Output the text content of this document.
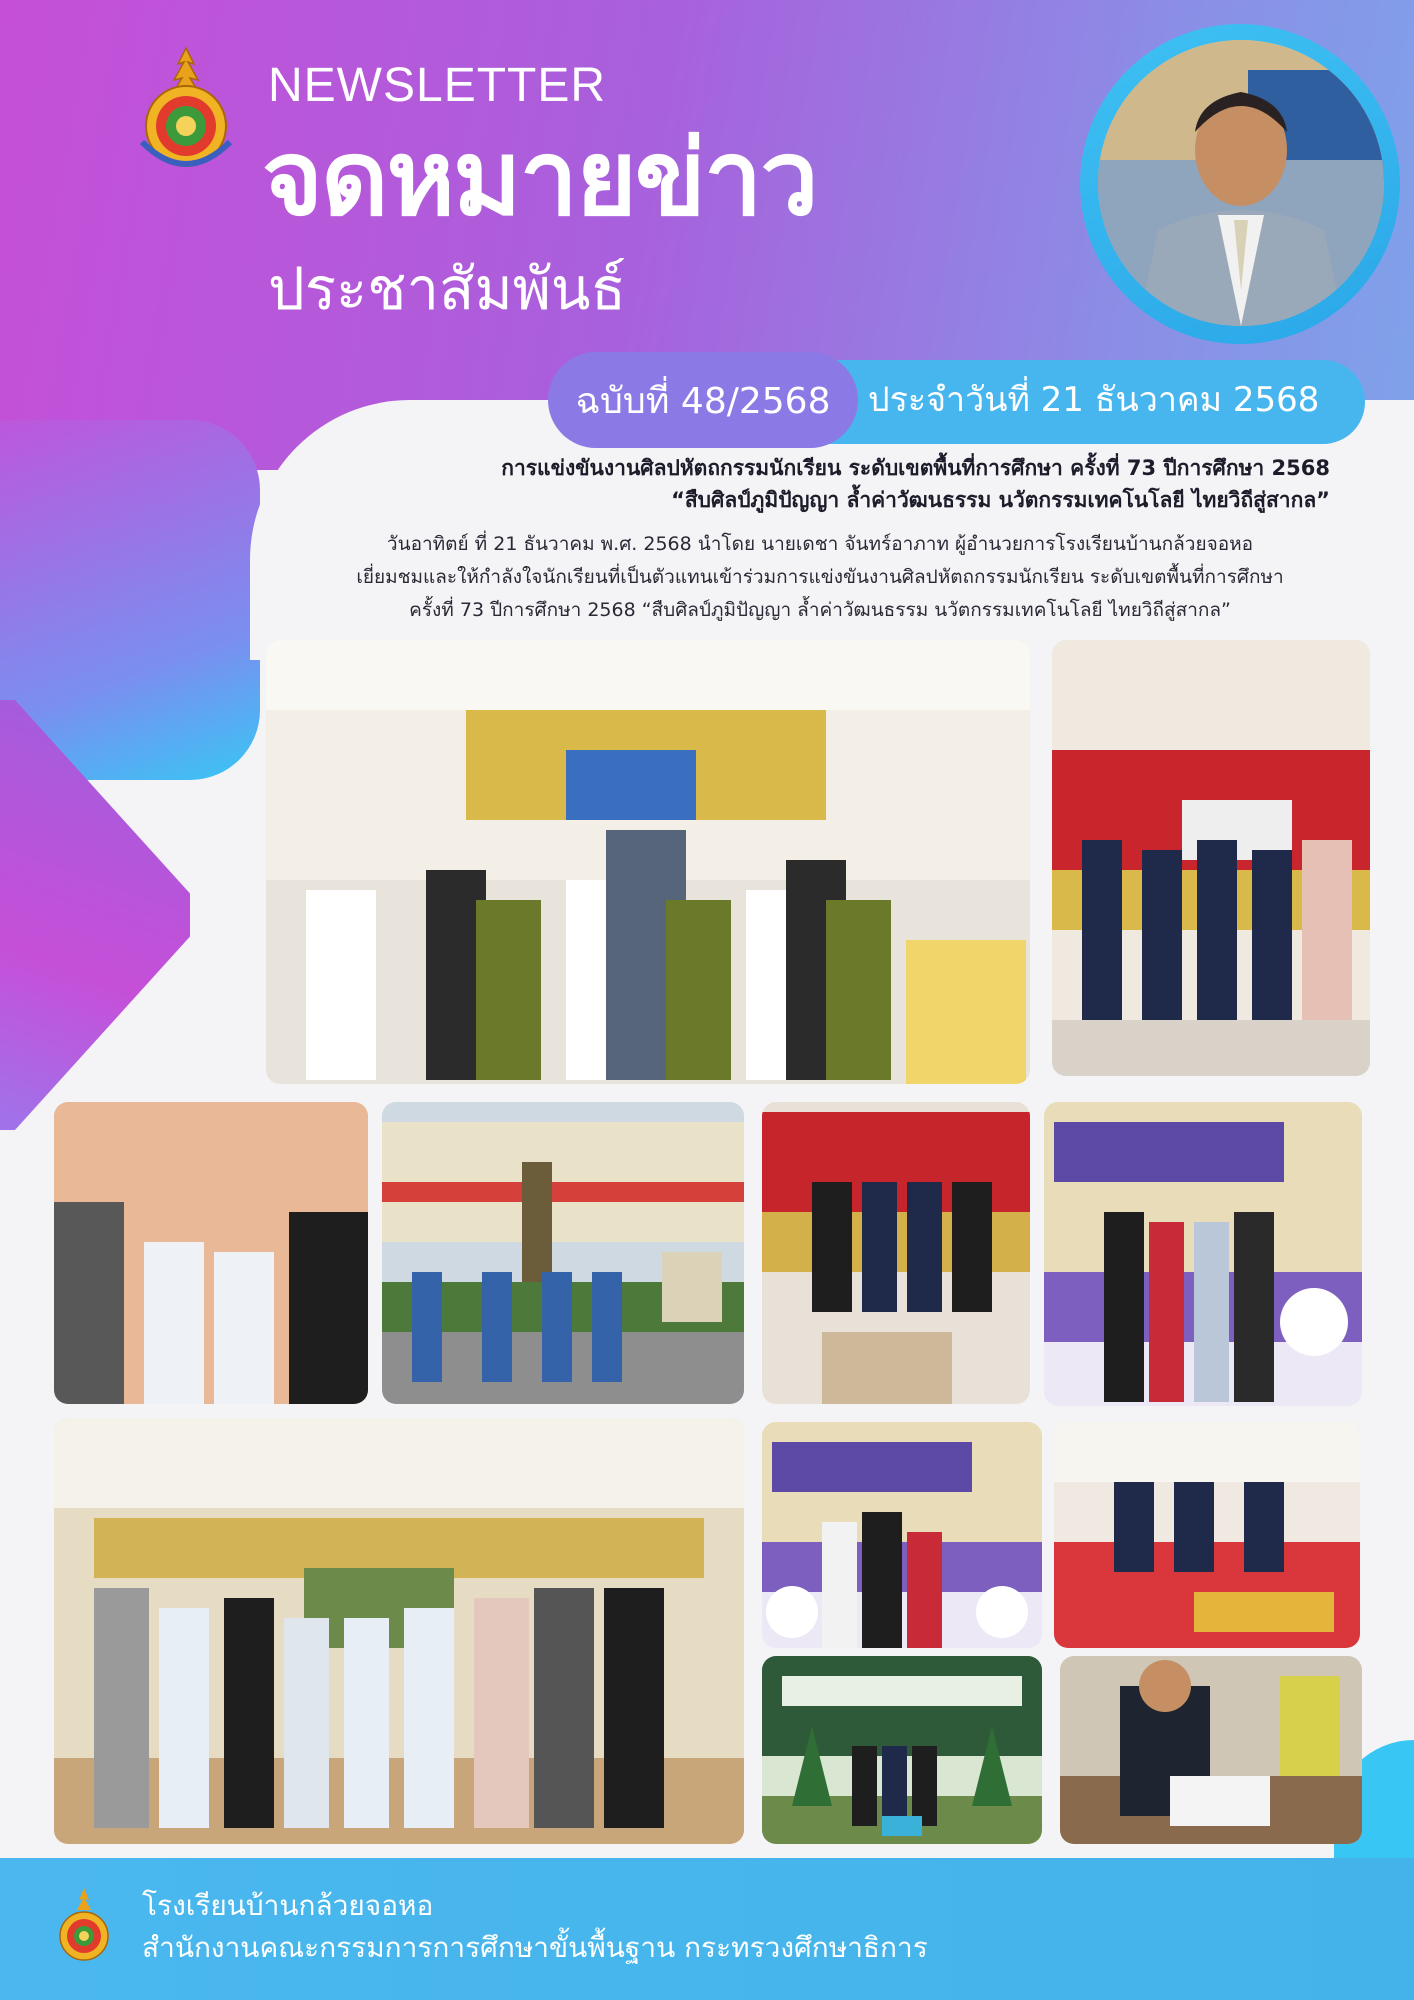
NEWSLETTER
จดหมายข่าว
ประชาสัมพันธ์
ฉบับที่ 48/2568	ประจำวันที่ 21 ธันวาคม 2568
การแข่งขันงานศิลปหัตถกรรมนักเรียน ระดับเขตพื้นที่การศึกษา ครั้งที่ 73 ปีการศึกษา 2568
“สืบศิลป์ภูมิปัญญา ล้ำค่าวัฒนธรรม นวัตกรรมเทคโนโลยี ไทยวิถีสู่สากล”
วันอาทิตย์ ที่ 21 ธันวาคม พ.ศ. 2568 นำโดย นายเดชา จันทร์อาภาท ผู้อำนวยการโรงเรียนบ้านกล้วยจอหอ
เยี่ยมชมและให้กำลังใจนักเรียนที่เป็นตัวแทนเข้าร่วมการแข่งขันงานศิลปหัตถกรรมนักเรียน ระดับเขตพื้นที่การศึกษา
ครั้งที่ 73 ปีการศึกษา 2568 “สืบศิลป์ภูมิปัญญา ล้ำค่าวัฒนธรรม นวัตกรรมเทคโนโลยี ไทยวิถีสู่สากล”
โรงเรียนบ้านกล้วยจอหอ
สำนักงานคณะกรรมการการศึกษาขั้นพื้นฐาน กระทรวงศึกษาธิการ
